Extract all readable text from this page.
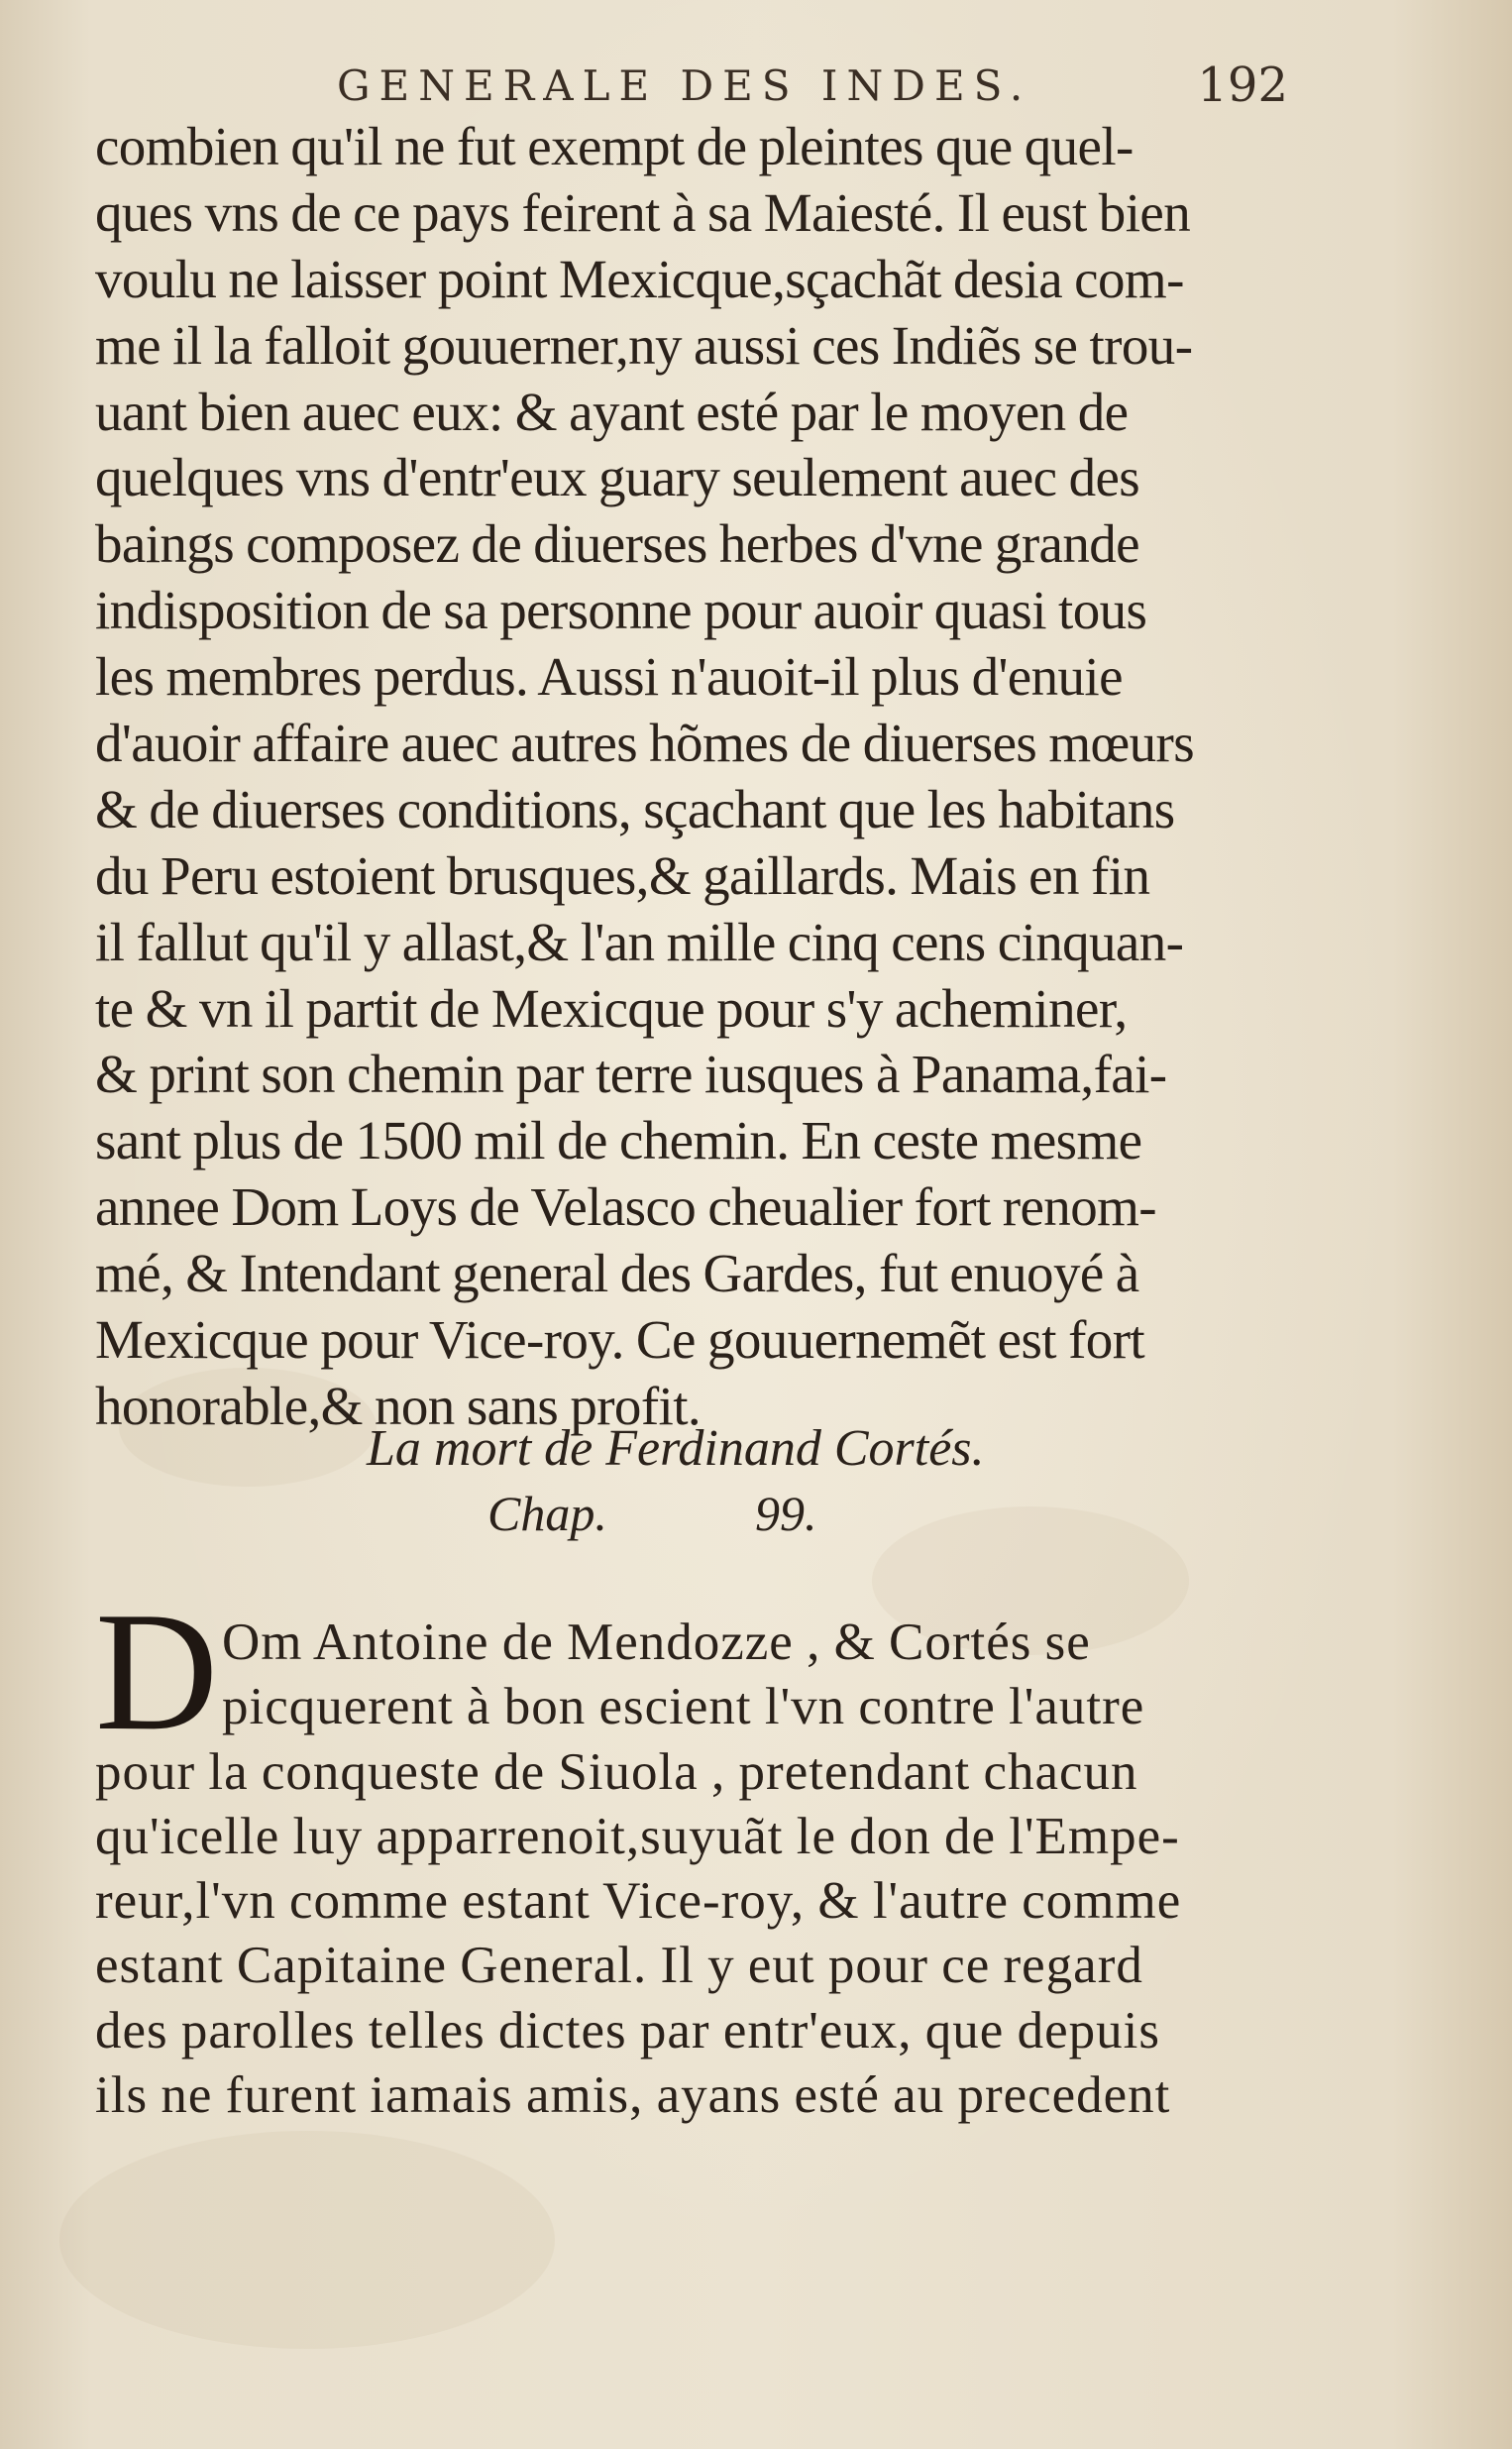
GENERALE DES INDES.	192
combien qu'il ne fut exempt de pleintes que quel-
ques vns de ce pays feirent à sa Maiesté. Il eust bien
voulu ne laisser point Mexicque,sçachãt desia com-
me il la falloit gouuerner,ny aussi ces Indiẽs se trou-
uant bien auec eux: & ayant esté par le moyen de
quelques vns d'entr'eux guary seulement auec des
baings composez de diuerses herbes d'vne grande
indisposition de sa personne pour auoir quasi tous
les membres perdus. Aussi n'auoit-il plus d'enuie
d'auoir affaire auec autres hõmes de diuerses mœurs
& de diuerses conditions, sçachant que les habitans
du Peru estoient brusques,& gaillards. Mais en fin
il fallut qu'il y allast,& l'an mille cinq cens cinquan-
te & vn il partit de Mexicque pour s'y acheminer,
& print son chemin par terre iusques à Panama,fai-
sant plus de 1500 mil de chemin. En ceste mesme
annee Dom Loys de Velasco cheualier fort renom-
mé, & Intendant general des Gardes, fut enuoyé à
Mexicque pour Vice-roy. Ce gouuernemẽt est fort
honorable,& non sans profit.
La mort de Ferdinand Cortés.
Chap.	99.
D Om Antoine de Mendozze , & Cortés se
picquerent à bon escient l'vn contre l'autre
pour la conqueste de Siuola , pretendant chacun
qu'icelle luy apparrenoit,suyuãt le don de l'Empe-
reur,l'vn comme estant Vice-roy, & l'autre comme
estant Capitaine General. Il y eut pour ce regard
des parolles telles dictes par entr'eux, que depuis
ils ne furent iamais amis, ayans esté au precedent
